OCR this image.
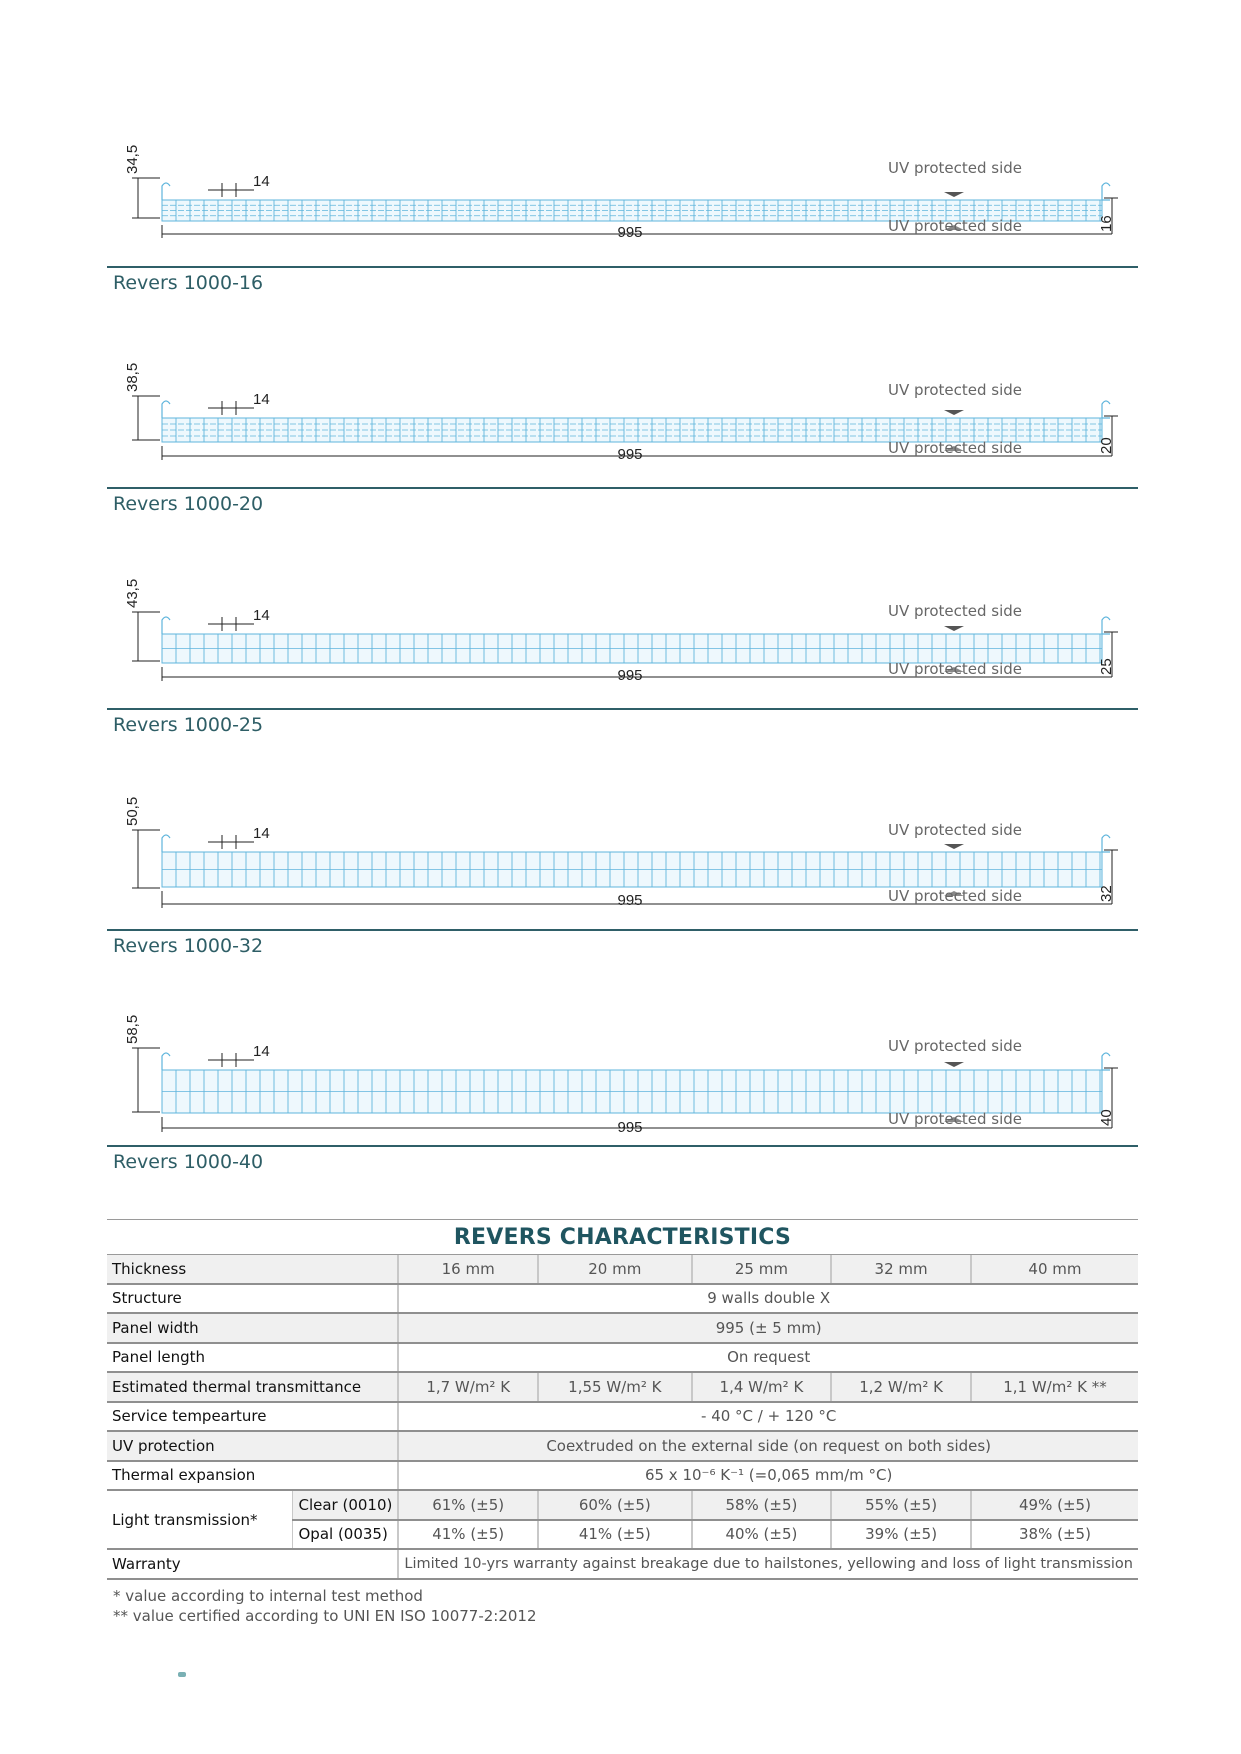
34,5
14
995
16
UV protected side
UV protected side
Revers 1000-16
38,5
14
995
20
UV protected side
UV protected side
Revers 1000-20
43,5
14
995
25
UV protected side
UV protected side
Revers 1000-25
50,5
14
995	32
UV protected side
UV protected side
Revers 1000-32
58,5
14
995
40
UV protected side
UV protected side
Revers 1000-40
REVERS CHARACTERISTICS
Thickness		16 mm	20 mm	25 mm	32 mm	40 mm
Structure		9 walls double X				
Panel width		995 (± 5 mm)				
Panel length		On request				
Estimated thermal transmittance		1,7 W/m² K	1,55 W/m² K	1,4 W/m² K	1,2 W/m² K	1,1 W/m² K **
Service tempearture		- 40 °C / + 120 °C				
UV protection		Coextruded on the external side (on request on both sides)				
Thermal expansion		65 x 10⁻⁶ K⁻¹ (=0,065 mm/m °C)				
Light transmission*	Clear (0010)	61% (±5)	60% (±5)	58% (±5)	55% (±5)	49% (±5)
	Opal (0035)	41% (±5)	41% (±5)	40% (±5)	39% (±5)	38% (±5)
Warranty		Limited 10-yrs warranty against breakage due to hailstones, yellowing and loss of light transmission				
* value according to internal test method
** value certified according to UNI EN ISO 10077-2:2012
